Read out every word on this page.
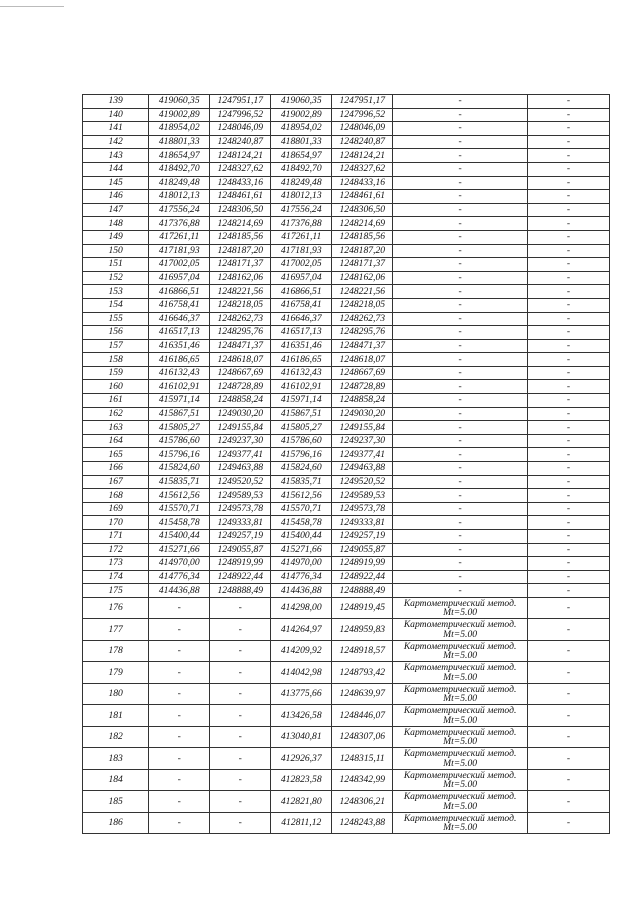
139	419060,35	1247951,17	419060,35	1247951,17	-	-
140	419002,89	1247996,52	419002,89	1247996,52	-	-
141	418954,02	1248046,09	418954,02	1248046,09	-	-
142	418801,33	1248240,87	418801,33	1248240,87	-	-
143	418654,97	1248124,21	418654,97	1248124,21	-	-
144	418492,70	1248327,62	418492,70	1248327,62	-	-
145	418249,48	1248433,16	418249,48	1248433,16	-	-
146	418012,13	1248461,61	418012,13	1248461,61	-	-
147	417556,24	1248306,50	417556,24	1248306,50	-	-
148	417376,88	1248214,69	417376,88	1248214,69	-	-
149	417261,11	1248185,56	417261,11	1248185,56	-	-
150	417181,93	1248187,20	417181,93	1248187,20	-	-
151	417002,05	1248171,37	417002,05	1248171,37	-	-
152	416957,04	1248162,06	416957,04	1248162,06	-	-
153	416866,51	1248221,56	416866,51	1248221,56	-	-
154	416758,41	1248218,05	416758,41	1248218,05	-	-
155	416646,37	1248262,73	416646,37	1248262,73	-	-
156	416517,13	1248295,76	416517,13	1248295,76	-	-
157	416351,46	1248471,37	416351,46	1248471,37	-	-
158	416186,65	1248618,07	416186,65	1248618,07	-	-
159	416132,43	1248667,69	416132,43	1248667,69	-	-
160	416102,91	1248728,89	416102,91	1248728,89	-	-
161	415971,14	1248858,24	415971,14	1248858,24	-	-
162	415867,51	1249030,20	415867,51	1249030,20	-	-
163	415805,27	1249155,84	415805,27	1249155,84	-	-
164	415786,60	1249237,30	415786,60	1249237,30	-	-
165	415796,16	1249377,41	415796,16	1249377,41	-	-
166	415824,60	1249463,88	415824,60	1249463,88	-	-
167	415835,71	1249520,52	415835,71	1249520,52	-	-
168	415612,56	1249589,53	415612,56	1249589,53	-	-
169	415570,71	1249573,78	415570,71	1249573,78	-	-
170	415458,78	1249333,81	415458,78	1249333,81	-	-
171	415400,44	1249257,19	415400,44	1249257,19	-	-
172	415271,66	1249055,87	415271,66	1249055,87	-	-
173	414970,00	1248919,99	414970,00	1248919,99	-	-
174	414776,34	1248922,44	414776,34	1248922,44	-	-
175	414436,88	1248888,49	414436,88	1248888,49	-	-
176	-	-	414298,00	1248919,45	Картометрический метод.
Mt=5.00	-
177	-	-	414264,97	1248959,83	Картометрический метод.
Mt=5.00	-
178	-	-	414209,92	1248918,57	Картометрический метод.
Mt=5.00	-
179	-	-	414042,98	1248793,42	Картометрический метод.
Mt=5.00	-
180	-	-	413775,66	1248639,97	Картометрический метод.
Mt=5.00	-
181	-	-	413426,58	1248446,07	Картометрический метод.
Mt=5.00	-
182	-	-	413040,81	1248307,06	Картометрический метод.
Mt=5.00	-
183	-	-	412926,37	1248315,11	Картометрический метод.
Mt=5.00	-
184	-	-	412823,58	1248342,99	Картометрический метод.
Mt=5.00	-
185	-	-	412821,80	1248306,21	Картометрический метод.
Mt=5.00	-
186	-	-	412811,12	1248243,88	Картометрический метод.
Mt=5.00	-
